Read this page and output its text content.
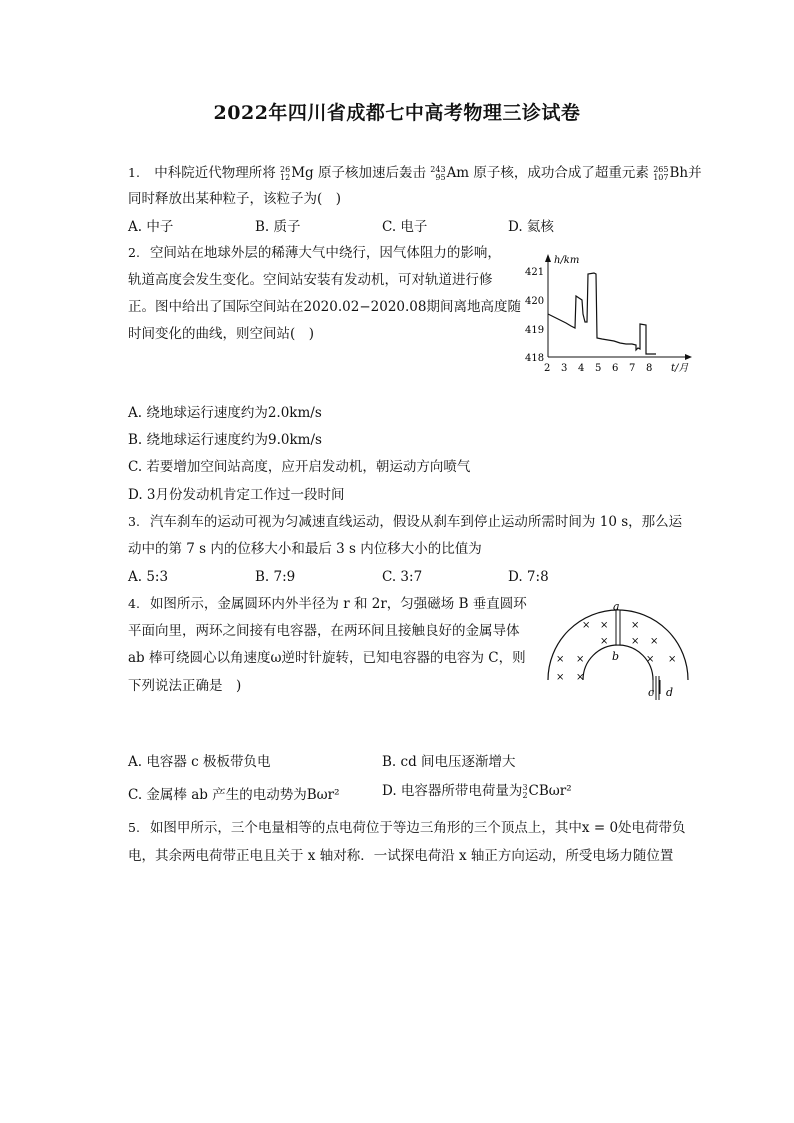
2022年四川省成都七中高考物理三诊试卷
1. 中科院近代物理所将 26
12Mg 原子核加速后轰击 243
95Am 原子核，成功合成了超重元素 265
107Bh并
同时释放出某种粒子，该粒子为(　)
A. 中子	B. 质子	C. 电子	D. 氦核
2. 空间站在地球外层的稀薄大气中绕行，因气体阻力的影响，
轨道高度会发生变化。空间站安装有发动机，可对轨道进行修
正。图中给出了国际空间站在2020.02−2020.08期间离地高度随
时间变化的曲线，则空间站(　)
h/km
t/月
421
420
419
418
2 3 4 5 6 7 8
A. 绕地球运行速度约为2.0km/s
B. 绕地球运行速度约为9.0km/s
C. 若要增加空间站高度，应开启发动机，朝运动方向喷气
D. 3月份发动机肯定工作过一段时间
3. 汽车刹车的运动可视为匀减速直线运动，假设从刹车到停止运动所需时间为 10 s，那么运
动中的第 7 s 内的位移大小和最后 3 s 内位移大小的比值为
A. 5:3	B. 7:9	C. 3:7	D. 7:8
4. 如图所示，金属圆环内外半径为 r 和 2r，匀强磁场 B 垂直圆环
平面向里，两环之间接有电容器，在两环间且接触良好的金属导体
ab 棒可绕圆心以角速度ω逆时针旋转，已知电容器的电容为 C，则
下列说法正确是　)
a
b
c d
× × ×
× × ×
× ×	× ×
× ×
A. 电容器 c 极板带负电	B. cd 间电压逐渐增大
C. 金属棒 ab 产生的电动势为Bωr²	D. 电容器所带电荷量为3
2CBωr²
5. 如图甲所示，三个电量相等的点电荷位于等边三角形的三个顶点上，其中x = 0处电荷带负
电，其余两电荷带正电且关于 x 轴对称．一试探电荷沿 x 轴正方向运动，所受电场力随位置
